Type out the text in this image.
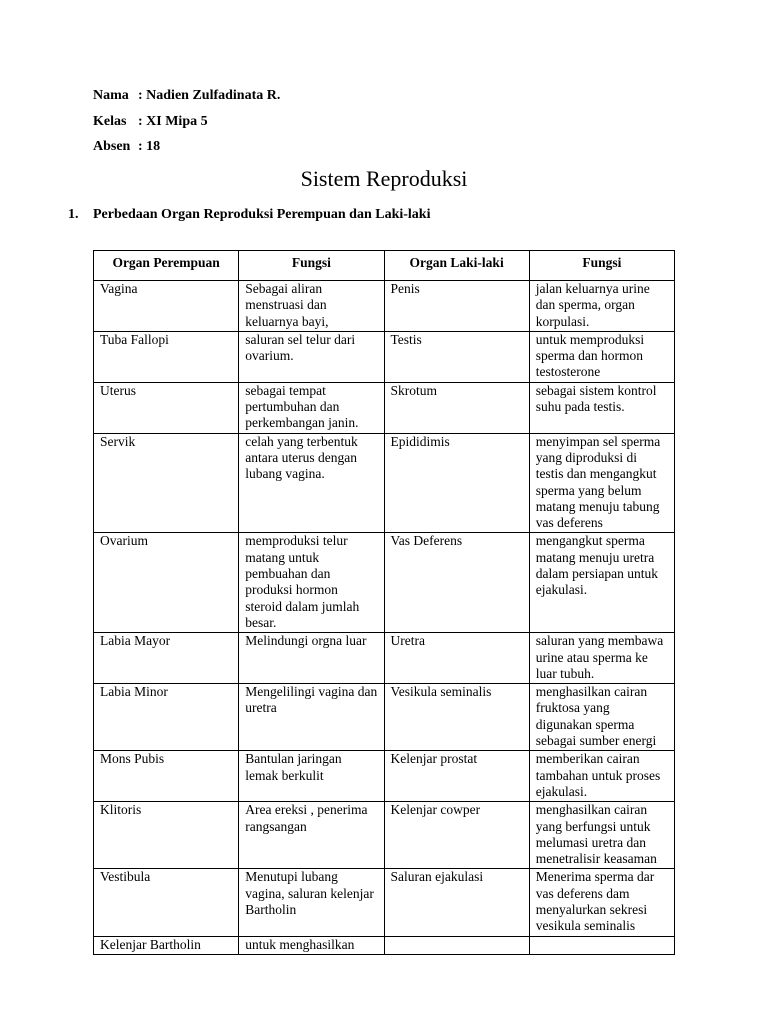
Nama : Nadien Zulfadinata R.
Kelas : XI Mipa 5
Absen : 18
Sistem Reproduksi
1. Perbedaan Organ Reproduksi Perempuan dan Laki-laki
Organ Perempuan	Fungsi	Organ Laki-laki	Fungsi
Vagina	Sebagai aliran menstruasi dan keluarnya bayi,	Penis	jalan keluarnya urine dan sperma, organ korpulasi.
Tuba Fallopi	saluran sel telur dari ovarium.	Testis	untuk memproduksi sperma dan hormon testosterone
Uterus	sebagai tempat pertumbuhan dan perkembangan janin.	Skrotum	sebagai sistem kontrol suhu pada testis.
Servik	celah yang terbentuk antara uterus dengan lubang vagina.	Epididimis	menyimpan sel sperma yang diproduksi di testis dan mengangkut sperma yang belum matang menuju tabung vas deferens
Ovarium	memproduksi telur matang untuk pembuahan dan produksi hormon steroid dalam jumlah besar.	Vas Deferens	mengangkut sperma matang menuju uretra dalam persiapan untuk ejakulasi.
Labia Mayor	Melindungi orgna luar	Uretra	saluran yang membawa urine atau sperma ke luar tubuh.
Labia Minor	Mengelilingi vagina dan uretra	Vesikula seminalis	menghasilkan cairan fruktosa yang digunakan sperma sebagai sumber energi
Mons Pubis	Bantulan jaringan lemak berkulit	Kelenjar prostat	memberikan cairan tambahan untuk proses ejakulasi.
Klitoris	Area ereksi , penerima rangsangan	Kelenjar cowper	menghasilkan cairan yang berfungsi untuk melumasi uretra dan menetralisir keasaman
Vestibula	Menutupi lubang vagina, saluran kelenjar Bartholin	Saluran ejakulasi	Menerima sperma dar vas deferens dam menyalurkan sekresi vesikula seminalis
Kelenjar Bartholin	untuk menghasilkan		
